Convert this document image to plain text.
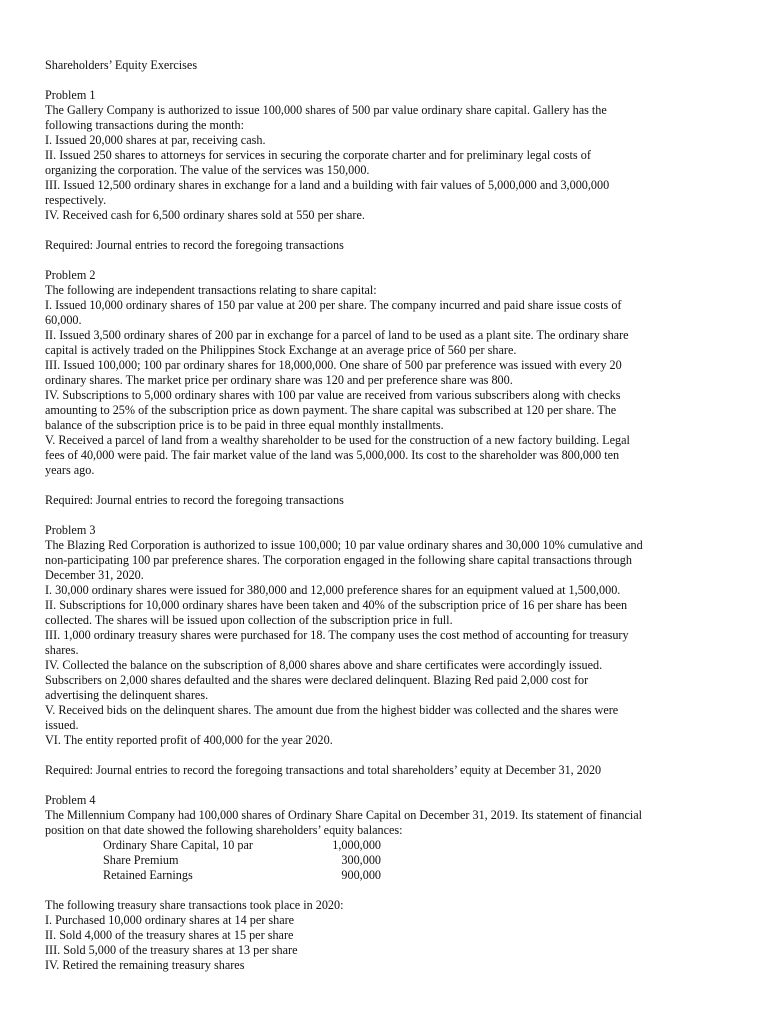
Shareholders’ Equity Exercises

Problem 1

The Gallery Company is authorized to issue 100,000 shares of 500 par value ordinary share capital. Gallery has the

following transactions during the month:

I. Issued 20,000 shares at par, receiving cash.

II. Issued 250 shares to attorneys for services in securing the corporate charter and for preliminary legal costs of

organizing the corporation. The value of the services was 150,000.

III. Issued 12,500 ordinary shares in exchange for a land and a building with fair values of 5,000,000 and 3,000,000

respectively.

IV. Received cash for 6,500 ordinary shares sold at 550 per share.

Required: Journal entries to record the foregoing transactions

Problem 2

The following are independent transactions relating to share capital:

I. Issued 10,000 ordinary shares of 150 par value at 200 per share. The company incurred and paid share issue costs of

60,000.

II. Issued 3,500 ordinary shares of 200 par in exchange for a parcel of land to be used as a plant site. The ordinary share

capital is actively traded on the Philippines Stock Exchange at an average price of 560 per share.

III. Issued 100,000; 100 par ordinary shares for 18,000,000. One share of 500 par preference was issued with every 20

ordinary shares. The market price per ordinary share was 120 and per preference share was 800.

IV. Subscriptions to 5,000 ordinary shares with 100 par value are received from various subscribers along with checks

amounting to 25% of the subscription price as down payment. The share capital was subscribed at 120 per share. The

balance of the subscription price is to be paid in three equal monthly installments.

V. Received a parcel of land from a wealthy shareholder to be used for the construction of a new factory building. Legal

fees of 40,000 were paid. The fair market value of the land was 5,000,000. Its cost to the shareholder was 800,000 ten

years ago.

Required: Journal entries to record the foregoing transactions

Problem 3

The Blazing Red Corporation is authorized to issue 100,000; 10 par value ordinary shares and 30,000 10% cumulative and

non-participating 100 par preference shares. The corporation engaged in the following share capital transactions through

December 31, 2020.

I. 30,000 ordinary shares were issued for 380,000 and 12,000 preference shares for an equipment valued at 1,500,000.

II. Subscriptions for 10,000 ordinary shares have been taken and 40% of the subscription price of 16 per share has been

collected. The shares will be issued upon collection of the subscription price in full.

III. 1,000 ordinary treasury shares were purchased for 18. The company uses the cost method of accounting for treasury

shares.

IV. Collected the balance on the subscription of 8,000 shares above and share certificates were accordingly issued.

Subscribers on 2,000 shares defaulted and the shares were declared delinquent. Blazing Red paid 2,000 cost for

advertising the delinquent shares.

V. Received bids on the delinquent shares. The amount due from the highest bidder was collected and the shares were

issued.

VI. The entity reported profit of 400,000 for the year 2020.

Required: Journal entries to record the foregoing transactions and total shareholders’ equity at December 31, 2020

Problem 4

The Millennium Company had 100,000 shares of Ordinary Share Capital on December 31, 2019. Its statement of financial

position on that date showed the following shareholders’ equity balances:

Ordinary Share Capital, 10 par	1,000,000
Share Premium	300,000
Retained Earnings	900,000

The following treasury share transactions took place in 2020:

I. Purchased 10,000 ordinary shares at 14 per share

II. Sold 4,000 of the treasury shares at 15 per share

III. Sold 5,000 of the treasury shares at 13 per share

IV. Retired the remaining treasury shares
